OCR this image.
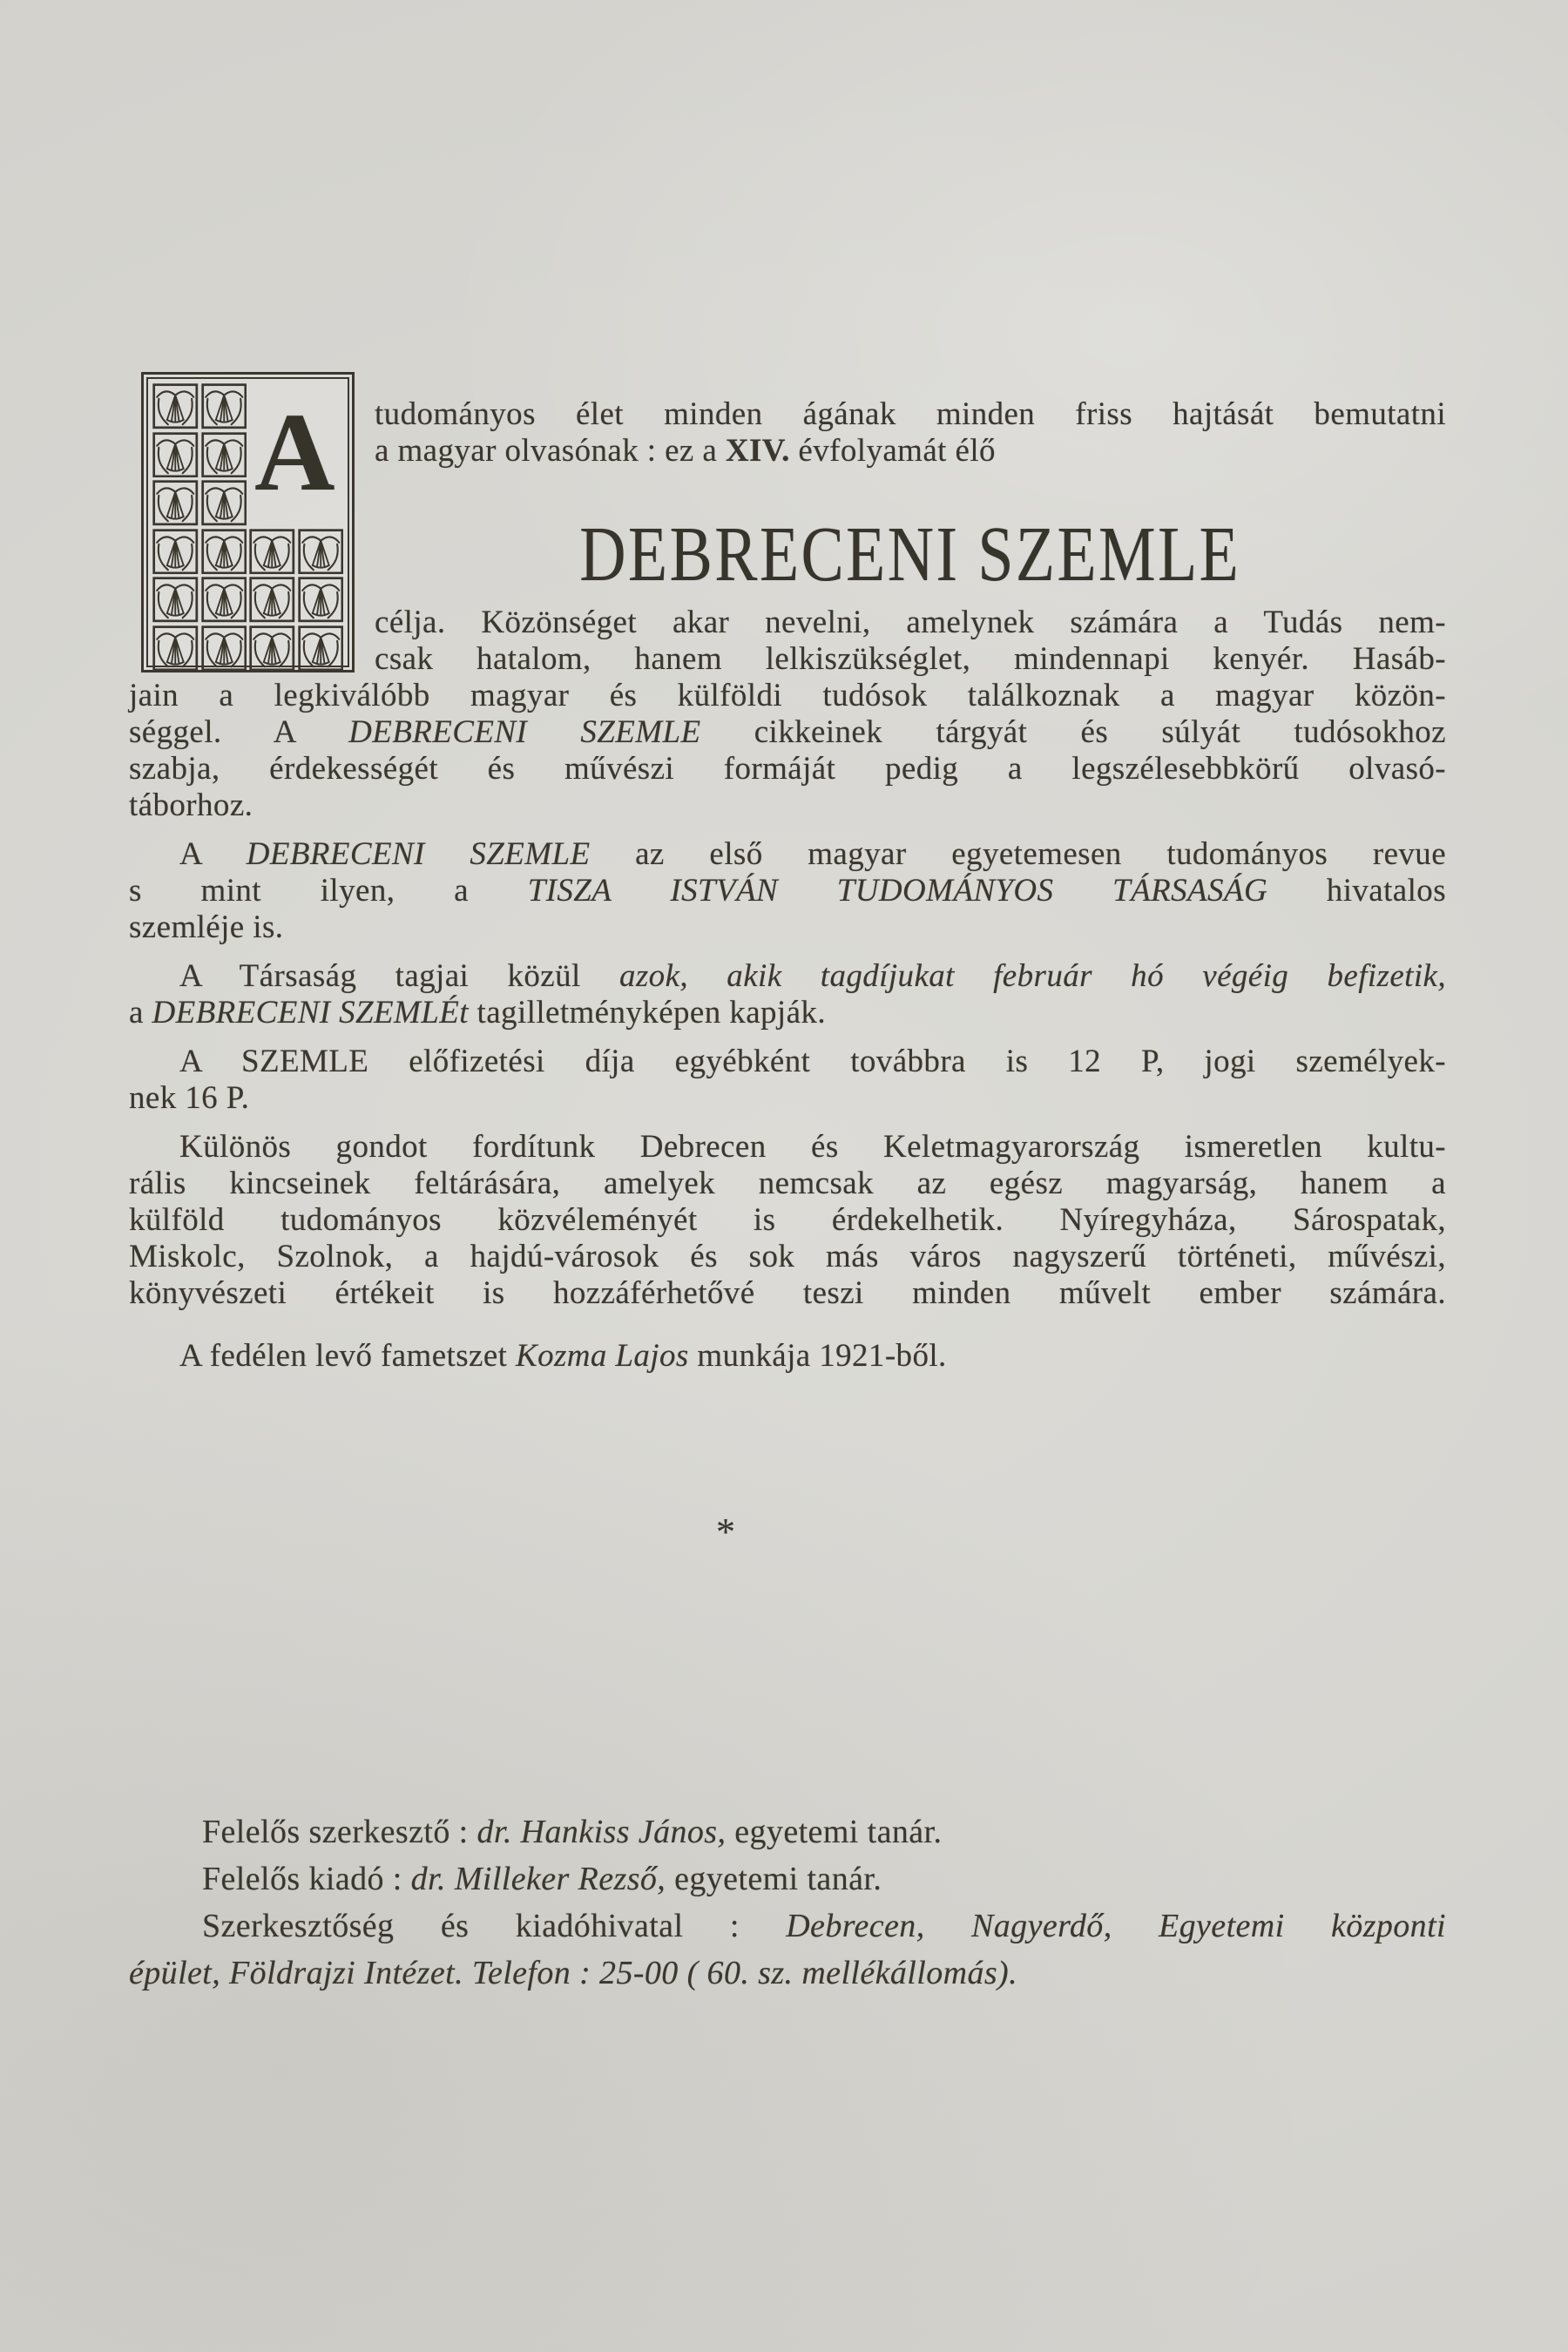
A	tudományos élet minden ágának minden friss hajtását bemutatni
a magyar olvasónak : ez a XIV. évfolyamát élő
DEBRECENI SZEMLE
célja. Közönséget akar nevelni, amelynek számára a Tudás nem-
csak hatalom, hanem lelkiszükséglet, mindennapi kenyér. Hasáb-
jain a legkiválóbb magyar és külföldi tudósok találkoznak a magyar közön-
séggel. A DEBRECENI SZEMLE cikkeinek tárgyát és súlyát tudósokhoz
szabja, érdekességét és művészi formáját pedig a legszélesebbkörű olvasó-
táborhoz.
A DEBRECENI SZEMLE az első magyar egyetemesen tudományos revue
s mint ilyen, a TISZA ISTVÁN TUDOMÁNYOS TÁRSASÁG hivatalos
szemléje is.
A Társaság tagjai közül azok, akik tagdíjukat február hó végéig befizetik,
a DEBRECENI SZEMLÉt tagilletményképen kapják.
A SZEMLE előfizetési díja egyébként továbbra is 12 P, jogi személyek-
nek 16 P.
Különös gondot fordítunk Debrecen és Keletmagyarország ismeretlen kultu-
rális kincseinek feltárására, amelyek nemcsak az egész magyarság, hanem a
külföld tudományos közvéleményét is érdekelhetik. Nyíregyháza, Sárospatak,
Miskolc, Szolnok, a hajdú-városok és sok más város nagyszerű történeti, művészi,
könyvészeti értékeit is hozzáférhetővé teszi minden művelt ember számára.
A fedélen levő fametszet Kozma Lajos munkája 1921-ből.
*
Felelős szerkesztő : dr. Hankiss János, egyetemi tanár.
Felelős kiadó : dr. Milleker Rezső, egyetemi tanár.
Szerkesztőség és kiadóhivatal : Debrecen, Nagyerdő, Egyetemi központi
épület, Földrajzi Intézet. Telefon : 25-00 ( 60. sz. mellékállomás).
